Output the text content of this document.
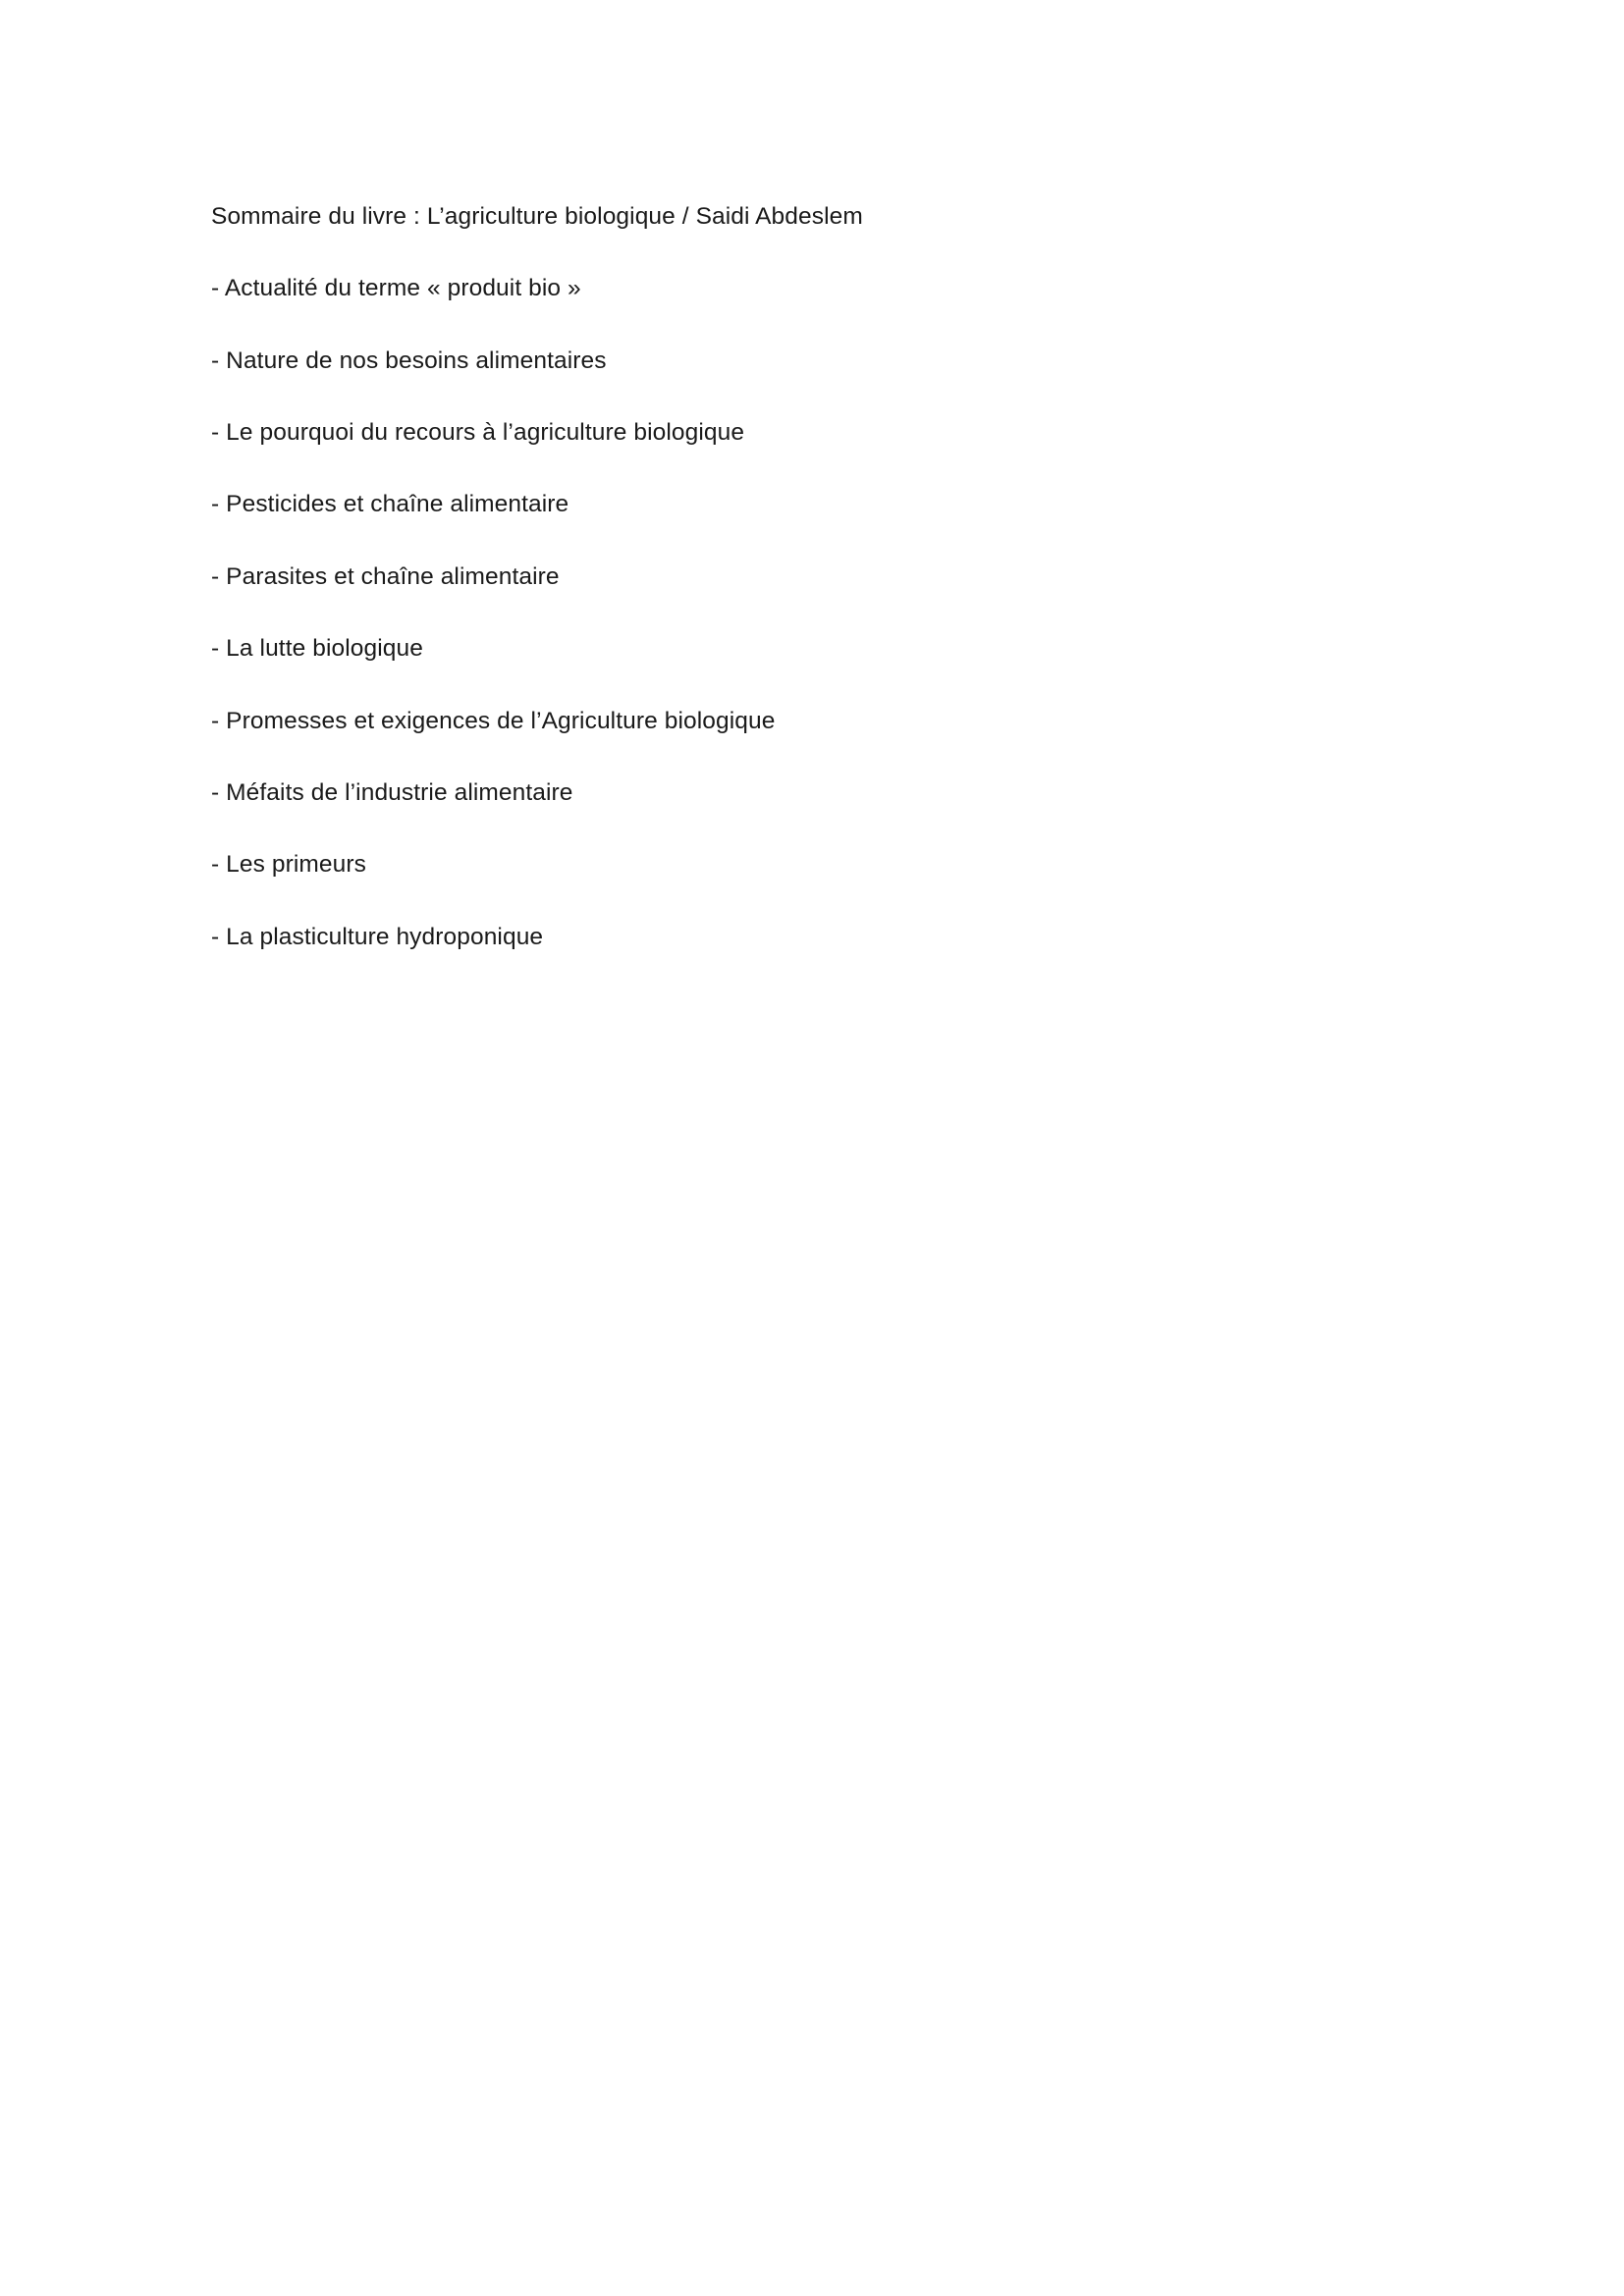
Sommaire du livre : L’agriculture biologique / Saidi Abdeslem

- Actualité du terme « produit bio »

- Nature de nos besoins alimentaires

- Le pourquoi du recours à l’agriculture biologique

- Pesticides et chaîne alimentaire

- Parasites et chaîne alimentaire

- La lutte biologique

- Promesses et exigences de l’Agriculture biologique

- Méfaits de l’industrie alimentaire

- Les primeurs

- La plasticulture hydroponique
